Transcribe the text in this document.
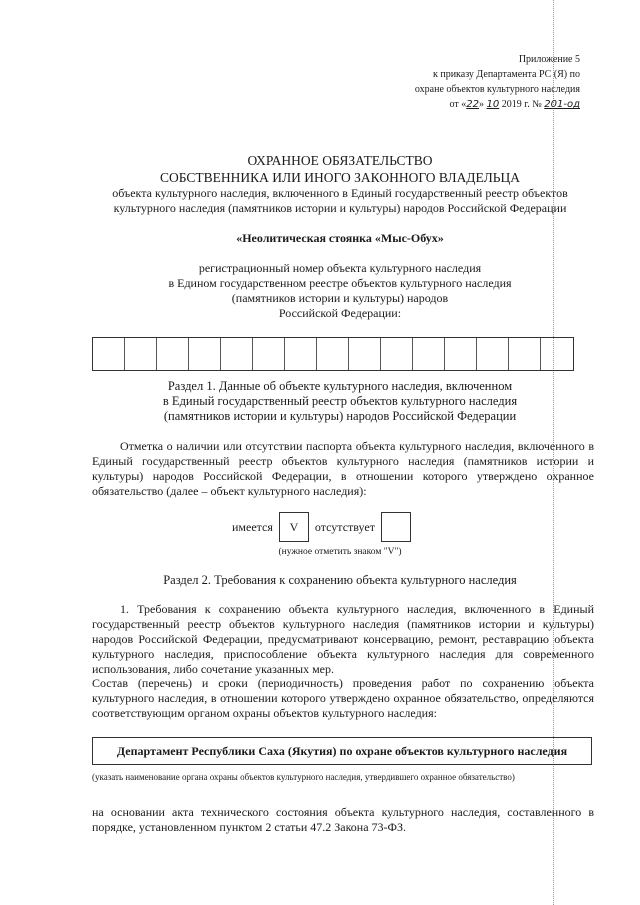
Приложение 5
к приказу Департамента РС (Я) по
охране объектов культурного наследия
от «22» 10 2019 г. № 201-од
ОХРАННОЕ ОБЯЗАТЕЛЬСТВО
СОБСТВЕННИКА ИЛИ ИНОГО ЗАКОННОГО ВЛАДЕЛЬЦА
объекта культурного наследия, включенного в Единый государственный реестр объектов
культурного наследия (памятников истории и культуры) народов Российской Федерации
«Неолитическая стоянка «Мыс-Обух»
регистрационный номер объекта культурного наследия
в Едином государственном реестре объектов культурного наследия
(памятников истории и культуры) народов
Российской Федерации:
Раздел 1. Данные об объекте культурного наследия, включенном
в Единый государственный реестр объектов культурного наследия
(памятников истории и культуры) народов Российской Федерации
Отметка о наличии или отсутствии паспорта объекта культурного наследия, включенного в Единый государственный реестр объектов культурного наследия (памятников истории и культуры) народов Российской Федерации, в отношении которого утверждено охранное обязательство (далее – объект культурного наследия):
имеется	V	отсутствует
(нужное отметить знаком "V")
Раздел 2. Требования к сохранению объекта культурного наследия
1. Требования к сохранению объекта культурного наследия, включенного в Единый государственный реестр объектов культурного наследия (памятников истории и культуры) народов Российской Федерации, предусматривают консервацию, ремонт, реставрацию объекта культурного наследия, приспособление объекта культурного наследия для современного использования, либо сочетание указанных мер.
Состав (перечень) и сроки (периодичность) проведения работ по сохранению объекта культурного наследия, в отношении которого утверждено охранное обязательство, определяются соответствующим органом охраны объектов культурного наследия:
Департамент Республики Саха (Якутия) по охране объектов культурного наследия
(указать наименование органа охраны объектов культурного наследия, утвердившего охранное обязательство)
на основании акта технического состояния объекта культурного наследия, составленного в порядке, установленном пунктом 2 статьи 47.2 Закона 73-ФЗ.
